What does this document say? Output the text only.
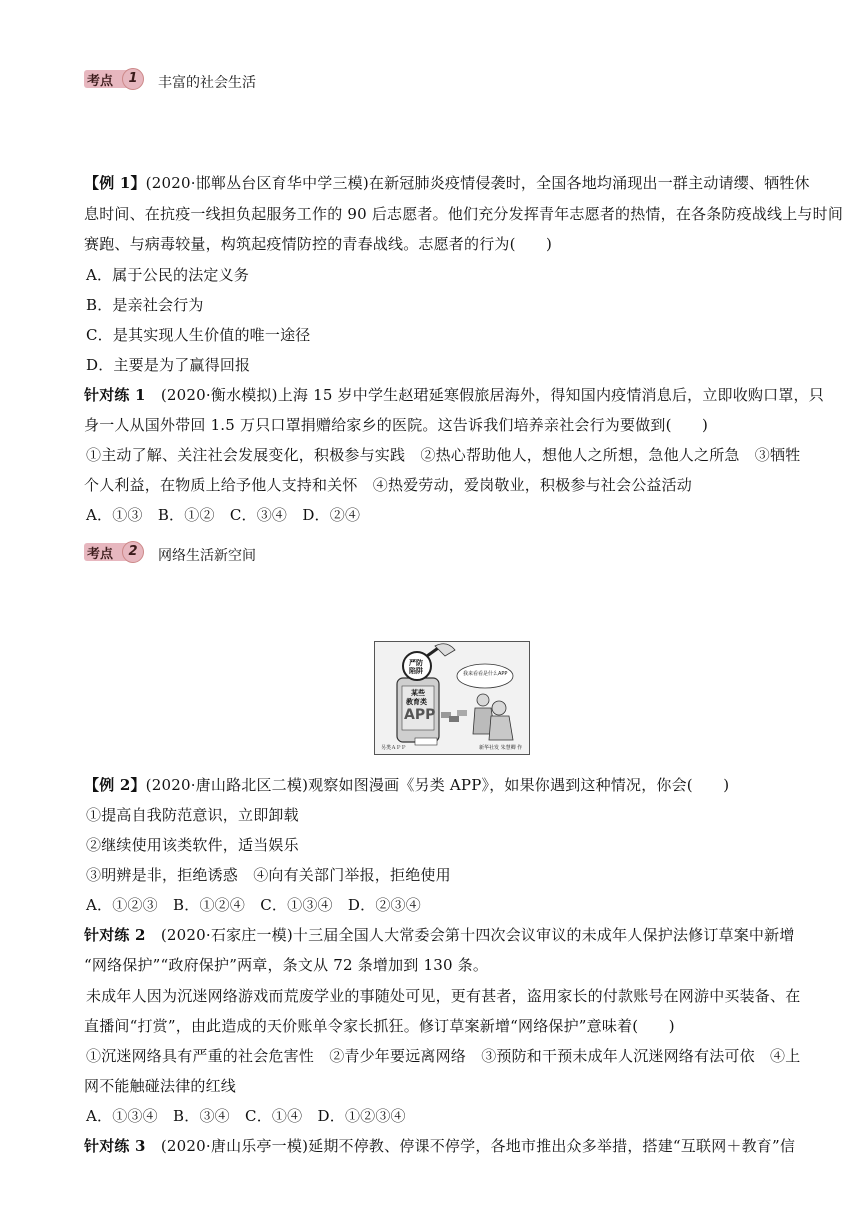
考点	1	丰富的社会生活
【例 1】(2020·邯郸丛台区育华中学三模)在新冠肺炎疫情侵袭时，全国各地均涌现出一群主动请缨、牺牲休
息时间、在抗疫一线担负起服务工作的 90 后志愿者。他们充分发挥青年志愿者的热情，在各条防疫战线上与时间
赛跑、与病毒较量，构筑起疫情防控的青春战线。志愿者的行为(　　)
A．属于公民的法定义务
B．是亲社会行为
C．是其实现人生价值的唯一途径
D．主要是为了赢得回报
针对练 1　(2020·衡水模拟)上海 15 岁中学生赵珺延寒假旅居海外，得知国内疫情消息后，立即收购口罩，只
身一人从国外带回 1.5 万只口罩捐赠给家乡的医院。这告诉我们培养亲社会行为要做到(　　)
①主动了解、关注社会发展变化，积极参与实践　②热心帮助他人，想他人之所想，急他人之所急　③牺牲
个人利益，在物质上给予他人支持和关怀　④热爱劳动，爱岗敬业，积极参与社会公益活动
A．①③　B．①②　C．③④　D．②④
考点	2	网络生活新空间
严防
陷阱
某些
教育类
APP
我来看看是什么APP
另类ＡＰＰ	新华社发 朱慧卿 作
【例 2】(2020·唐山路北区二模)观察如图漫画《另类 APP》，如果你遇到这种情况，你会(　　)
①提高自我防范意识，立即卸载
②继续使用该类软件，适当娱乐
③明辨是非，拒绝诱惑　④向有关部门举报，拒绝使用
A．①②③　B．①②④　C．①③④　D．②③④
针对练 2　(2020·石家庄一模)十三届全国人大常委会第十四次会议审议的未成年人保护法修订草案中新增
“网络保护”“政府保护”两章，条文从 72 条增加到 130 条。
未成年人因为沉迷网络游戏而荒废学业的事随处可见，更有甚者，盗用家长的付款账号在网游中买装备、在
直播间“打赏”，由此造成的天价账单令家长抓狂。修订草案新增“网络保护”意味着(　　)
①沉迷网络具有严重的社会危害性　②青少年要远离网络　③预防和干预未成年人沉迷网络有法可依　④上
网不能触碰法律的红线
A．①③④　B．③④　C．①④　D．①②③④
针对练 3　(2020·唐山乐亭一模)延期不停教、停课不停学，各地市推出众多举措，搭建“互联网＋教育”信
